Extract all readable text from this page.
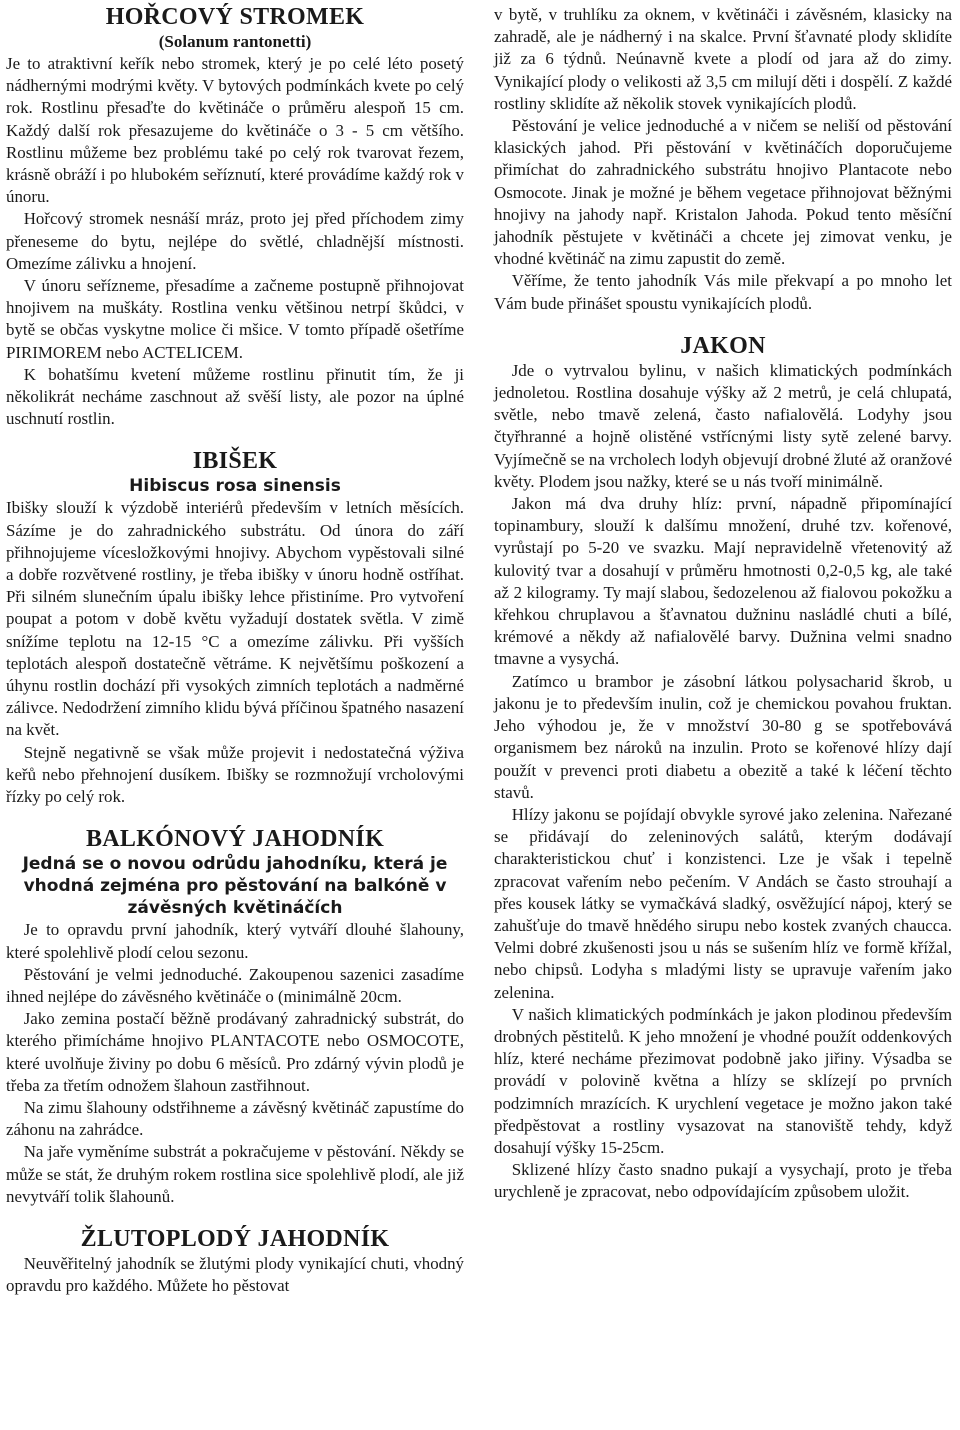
HOŘCOVÝ STROMEK
(Solanum rantonetti)

Je to atraktivní keřík nebo stromek, který je po celé léto posetý nádhernými modrými květy. V bytových podmínkách kvete po celý rok. Rostlinu přesaďte do květináče o průměru alespoň 15 cm. Každý další rok přesazujeme do květináče o 3 - 5 cm většího. Rostlinu můžeme bez problému také po celý rok tvarovat řezem, krásně obráží i po hlubokém seříznutí, které provádíme každý rok v únoru.

Hořcový stromek nesnáší mráz, proto jej před příchodem zimy přeneseme do bytu, nejlépe do světlé, chladnější místnosti. Omezíme zálivku a hnojení.

V únoru seřízneme, přesadíme a začneme postupně přihnojovat hnojivem na muškáty. Rostlina venku většinou netrpí škůdci, v bytě se občas vyskytne molice či mšice. V tomto případě ošetříme PIRIMOREM nebo ACTELICEM.

K bohatšímu kvetení můžeme rostlinu přinutit tím, že ji několikrát necháme zaschnout až svěší listy, ale pozor na úplné uschnutí rostlin.

IBIŠEK
Hibiscus rosa sinensis

Ibišky slouží k výzdobě interiérů především v letních měsících. Sázíme je do zahradnického substrátu. Od února do září přihnojujeme vícesložkovými hnojivy. Abychom vypěstovali silné a dobře rozvětvené rostliny, je třeba ibišky v únoru hodně ostříhat. Při silném slunečním úpalu ibišky lehce přistiníme. Pro vytvoření poupat a potom v době květu vyžadují dostatek světla. V zimě snížíme teplotu na 12-15 °C a omezíme zálivku. Při vyšších teplotách alespoň dostatečně větráme. K největšímu poškození a úhynu rostlin dochází při vysokých zimních teplotách a nadměrné zálivce. Nedodržení zimního klidu bývá příčinou špatného nasazení na květ.

Stejně negativně se však může projevit i nedostatečná výživa keřů nebo přehnojení dusíkem. Ibišky se rozmnožují vrcholovými řízky po celý rok.

BALKÓNOVÝ JAHODNÍK
Jedná se o novou odrůdu jahodníku, která je vhodná zejména pro pěstování na balkóně v závěsných květináčích

Je to opravdu první jahodník, který vytváří dlouhé šlahouny, které spolehlivě plodí celou sezonu.

Pěstování je velmi jednoduché. Zakoupenou sazenici zasadíme ihned nejlépe do závěsného květináče o (minimálně 20cm.

Jako zemina postačí běžně prodávaný zahradnický substrát, do kterého přimícháme hnojivo PLANTACOTE nebo OSMOCOTE, které uvolňuje živiny po dobu 6 měsíců. Pro zdárný vývin plodů je třeba za třetím odnožem šlahoun zastřihnout.

Na zimu šlahouny odstřihneme a závěsný květináč zapustíme do záhonu na zahrádce.

Na jaře vyměníme substrát a pokračujeme v pěstování. Někdy se může se stát, že druhým rokem rostlina sice spolehlivě plodí, ale již nevytváří tolik šlahounů.

ŽLUTOPLODÝ JAHODNÍK

Neuvěřitelný jahodník se žlutými plody vynikající chuti, vhodný opravdu pro každého. Můžete ho pěstovat

v bytě, v truhlíku za oknem, v květináči i závěsném, klasicky na zahradě, ale je nádherný i na skalce. První šťavnaté plody sklidíte již za 6 týdnů. Neúnavně kvete a plodí od jara až do zimy. Vynikající plody o velikosti až 3,5 cm milují děti i dospělí. Z každé rostliny sklidíte až několik stovek vynikajících plodů.

Pěstování je velice jednoduché a v ničem se neliší od pěstování klasických jahod. Při pěstování v květináčích doporučujeme přimíchat do zahradnického substrátu hnojivo Plantacote nebo Osmocote. Jinak je možné je během vegetace přihnojovat běžnými hnojivy na jahody např. Kristalon Jahoda. Pokud tento měsíční jahodník pěstujete v květináči a chcete jej zimovat venku, je vhodné květináč na zimu zapustit do země.

Věříme, že tento jahodník Vás mile překvapí a po mnoho let Vám bude přinášet spoustu vynikajících plodů.

JAKON

Jde o vytrvalou bylinu, v našich klimatických podmínkách jednoletou. Rostlina dosahuje výšky až 2 metrů, je celá chlupatá, světle, nebo tmavě zelená, často nafialovělá. Lodyhy jsou čtyřhranné a hojně olistěné vstřícnými listy sytě zelené barvy. Vyjímečně se na vrcholech lodyh objevují drobné žluté až oranžové květy. Plodem jsou nažky, které se u nás tvoří minimálně.

Jakon má dva druhy hlíz: první, nápadně připomínající topinambury, slouží k dalšímu množení, druhé tzv. kořenové, vyrůstají po 5-20 ve svazku. Mají nepravidelně vřetenovitý až kulovitý tvar a dosahují v průměru hmotnosti 0,2-0,5 kg, ale také až 2 kilogramy. Ty mají slabou, šedozelenou až fialovou pokožku a křehkou chruplavou a šťavnatou dužninu nasládlé chuti a bílé, krémové a někdy až nafialovělé barvy. Dužnina velmi snadno tmavne a vysychá.

Zatímco u brambor je zásobní látkou polysacharid škrob, u jakonu je to především inulin, což je chemickou povahou fruktan. Jeho výhodou je, že v množství 30-80 g se spotřebovává organismem bez nároků na inzulin. Proto se kořenové hlízy dají použít v prevenci proti diabetu a obezitě a také k léčení těchto stavů.

Hlízy jakonu se pojídají obvykle syrové jako zelenina. Nařezané se přidávají do zeleninových salátů, kterým dodávají charakteristickou chuť i konzistenci. Lze je však i tepelně zpracovat vařením nebo pečením. V Andách se často strouhají a přes kousek látky se vymačkává sladký, osvěžující nápoj, který se zahušťuje do tmavě hnědého sirupu nebo kostek zvaných chaucca. Velmi dobré zkušenosti jsou u nás se sušením hlíz ve formě křížal, nebo chipsů. Lodyha s mladými listy se upravuje vařením jako zelenina.

V našich klimatických podmínkách je jakon plodinou především drobných pěstitelů. K jeho množení je vhodné použít oddenkových hlíz, které necháme přezimovat podobně jako jiřiny. Výsadba se provádí v polovině května a hlízy se sklízejí po prvních podzimních mrazících. K urychlení vegetace je možno jakon také předpěstovat a rostliny vysazovat na stanoviště tehdy, když dosahují výšky 15-25cm.

Sklizené hlízy často snadno pukají a vysychají, proto je třeba urychleně je zpracovat, nebo odpovídajícím způsobem uložit.
